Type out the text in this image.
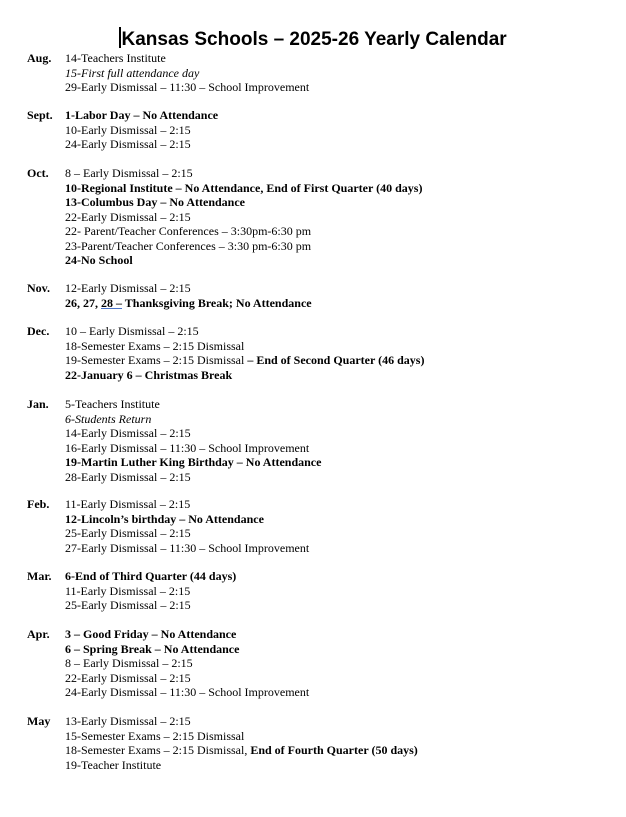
Kansas Schools – 2025-26 Yearly Calendar
Aug. 14-Teachers Institute
15-First full attendance day
29-Early Dismissal – 11:30 – School Improvement
Sept. 1-Labor Day – No Attendance
10-Early Dismissal – 2:15
24-Early Dismissal – 2:15
Oct. 8 – Early Dismissal – 2:15
10-Regional Institute – No Attendance, End of First Quarter (40 days)
13-Columbus Day – No Attendance
22-Early Dismissal – 2:15
22- Parent/Teacher Conferences – 3:30pm-6:30 pm
23-Parent/Teacher Conferences – 3:30 pm-6:30 pm
24-No School
Nov. 12-Early Dismissal – 2:15
26, 27, 28 – Thanksgiving Break; No Attendance
Dec. 10 – Early Dismissal – 2:15
18-Semester Exams – 2:15 Dismissal
19-Semester Exams – 2:15 Dismissal – End of Second Quarter (46 days)
22-January 6 – Christmas Break
Jan. 5-Teachers Institute
6-Students Return
14-Early Dismissal – 2:15
16-Early Dismissal – 11:30 – School Improvement
19-Martin Luther King Birthday – No Attendance
28-Early Dismissal – 2:15
Feb. 11-Early Dismissal – 2:15
12-Lincoln’s birthday – No Attendance
25-Early Dismissal – 2:15
27-Early Dismissal – 11:30 – School Improvement
Mar. 6-End of Third Quarter (44 days)
11-Early Dismissal – 2:15
25-Early Dismissal – 2:15
Apr. 3 – Good Friday – No Attendance
6 – Spring Break – No Attendance
8 – Early Dismissal – 2:15
22-Early Dismissal – 2:15
24-Early Dismissal – 11:30 – School Improvement
May 13-Early Dismissal – 2:15
15-Semester Exams – 2:15 Dismissal
18-Semester Exams – 2:15 Dismissal, End of Fourth Quarter (50 days)
19-Teacher Institute
